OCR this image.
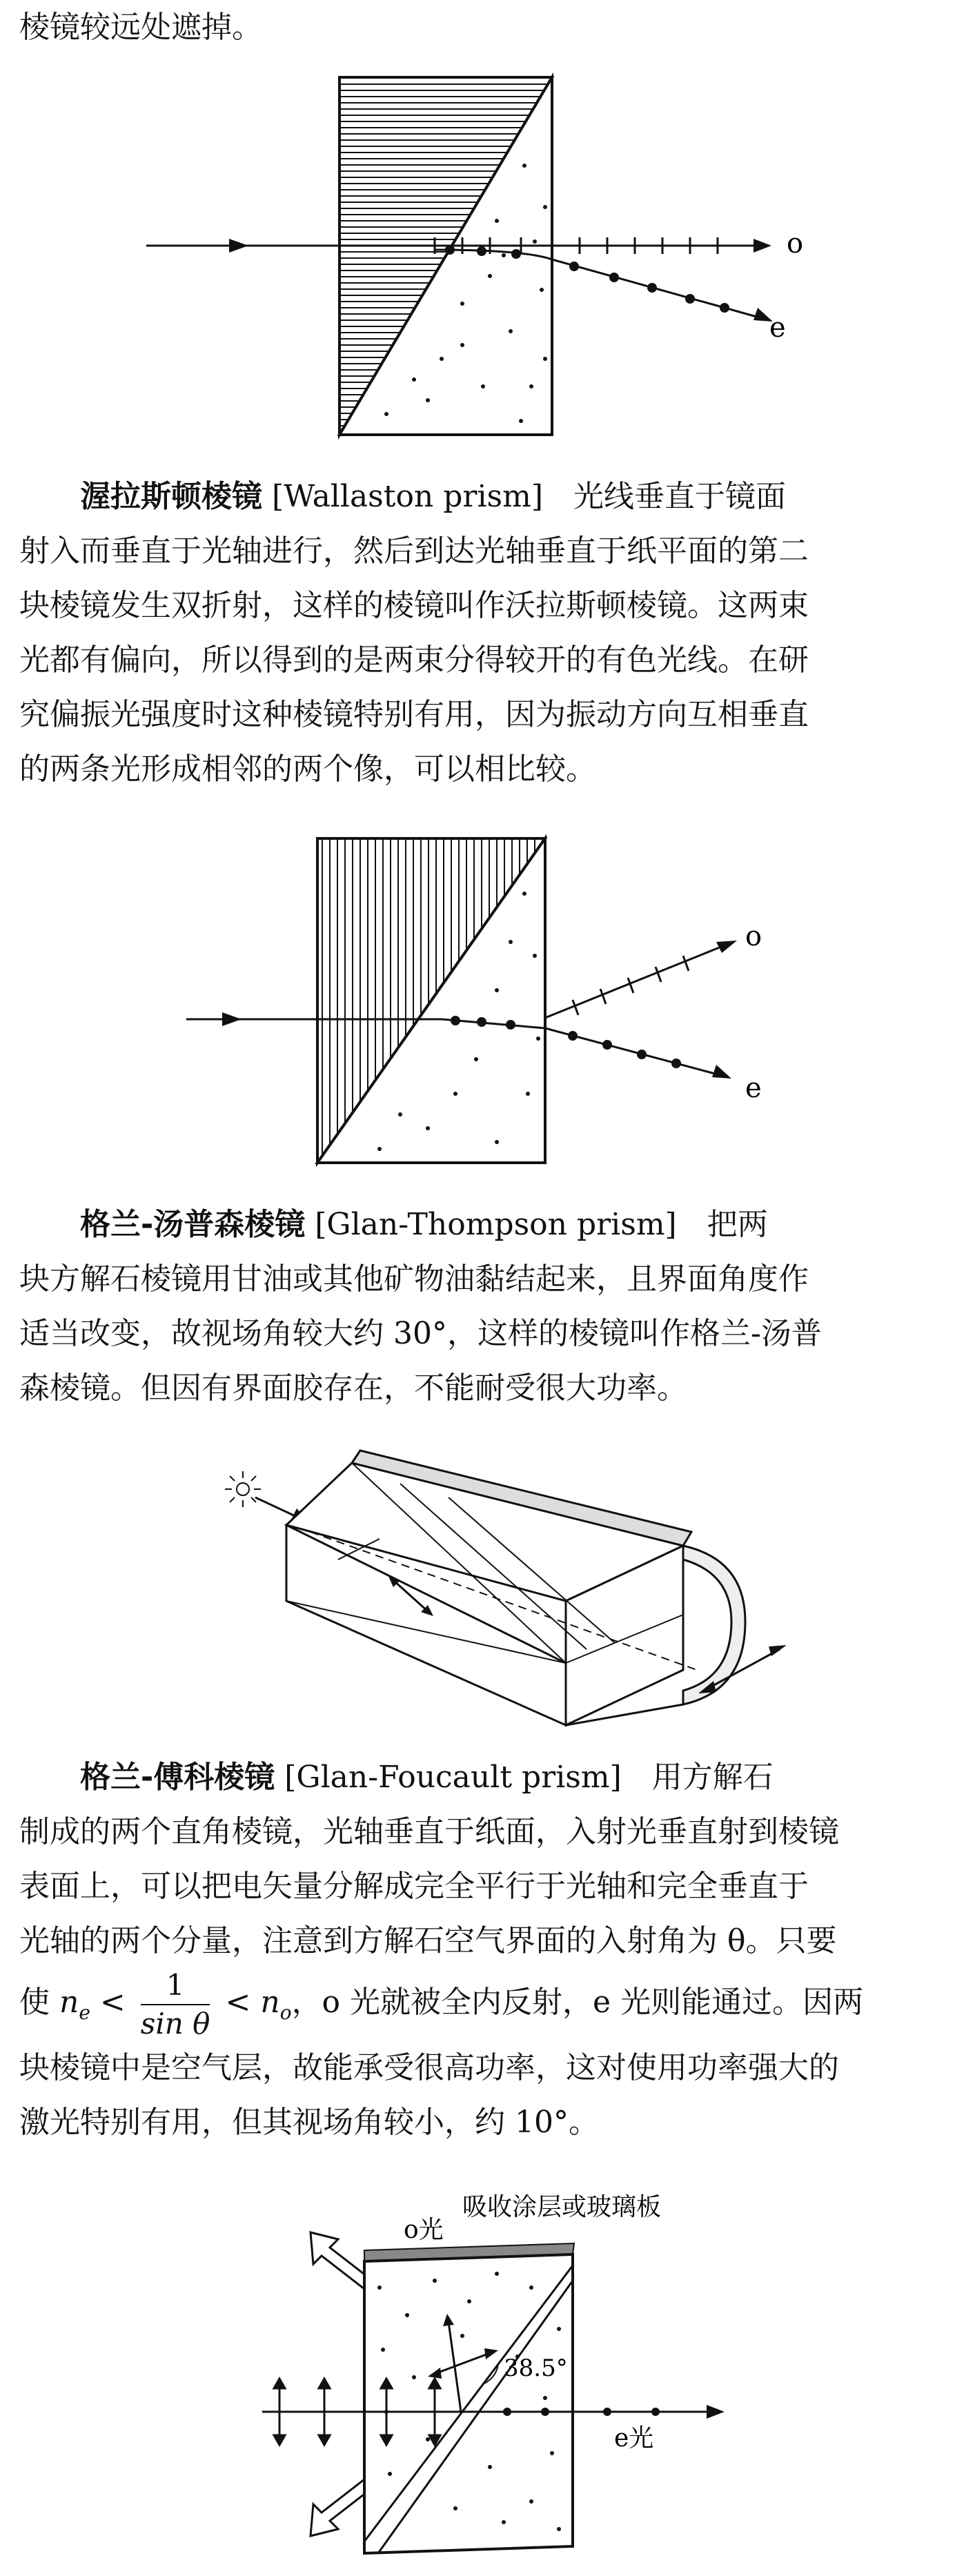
棱镜较远处遮掉。
o
e
渥拉斯顿棱镜 [Wallaston prism] 光线垂直于镜面
射入而垂直于光轴进行，然后到达光轴垂直于纸平面的第二
块棱镜发生双折射，这样的棱镜叫作沃拉斯顿棱镜。这两束
光都有偏向，所以得到的是两束分得较开的有色光线。在研
究偏振光强度时这种棱镜特别有用，因为振动方向互相垂直
的两条光形成相邻的两个像，可以相比较。
o
e
格兰-汤普森棱镜 [Glan-Thompson prism] 把两
块方解石棱镜用甘油或其他矿物油黏结起来，且界面角度作
适当改变，故视场角较大约 30°，这样的棱镜叫作格兰-汤普
森棱镜。但因有界面胶存在，不能耐受很大功率。
格兰-傅科棱镜 [Glan-Foucault prism] 用方解石
制成的两个直角棱镜，光轴垂直于纸面，入射光垂直射到棱镜
表面上，可以把电矢量分解成完全平行于光轴和完全垂直于
光轴的两个分量，注意到方解石空气界面的入射角为 θ。只要
使 $n_e < \frac{1}{\text{sin θ}} < n_o$，o 光就被全内反射，e 光则能通过。因两
块棱镜中是空气层，故能承受很高功率，这对使用功率强大的
激光特别有用，但其视场角较小，约 10°。
吸收涂层或玻璃板
o光
38.5°
e光
